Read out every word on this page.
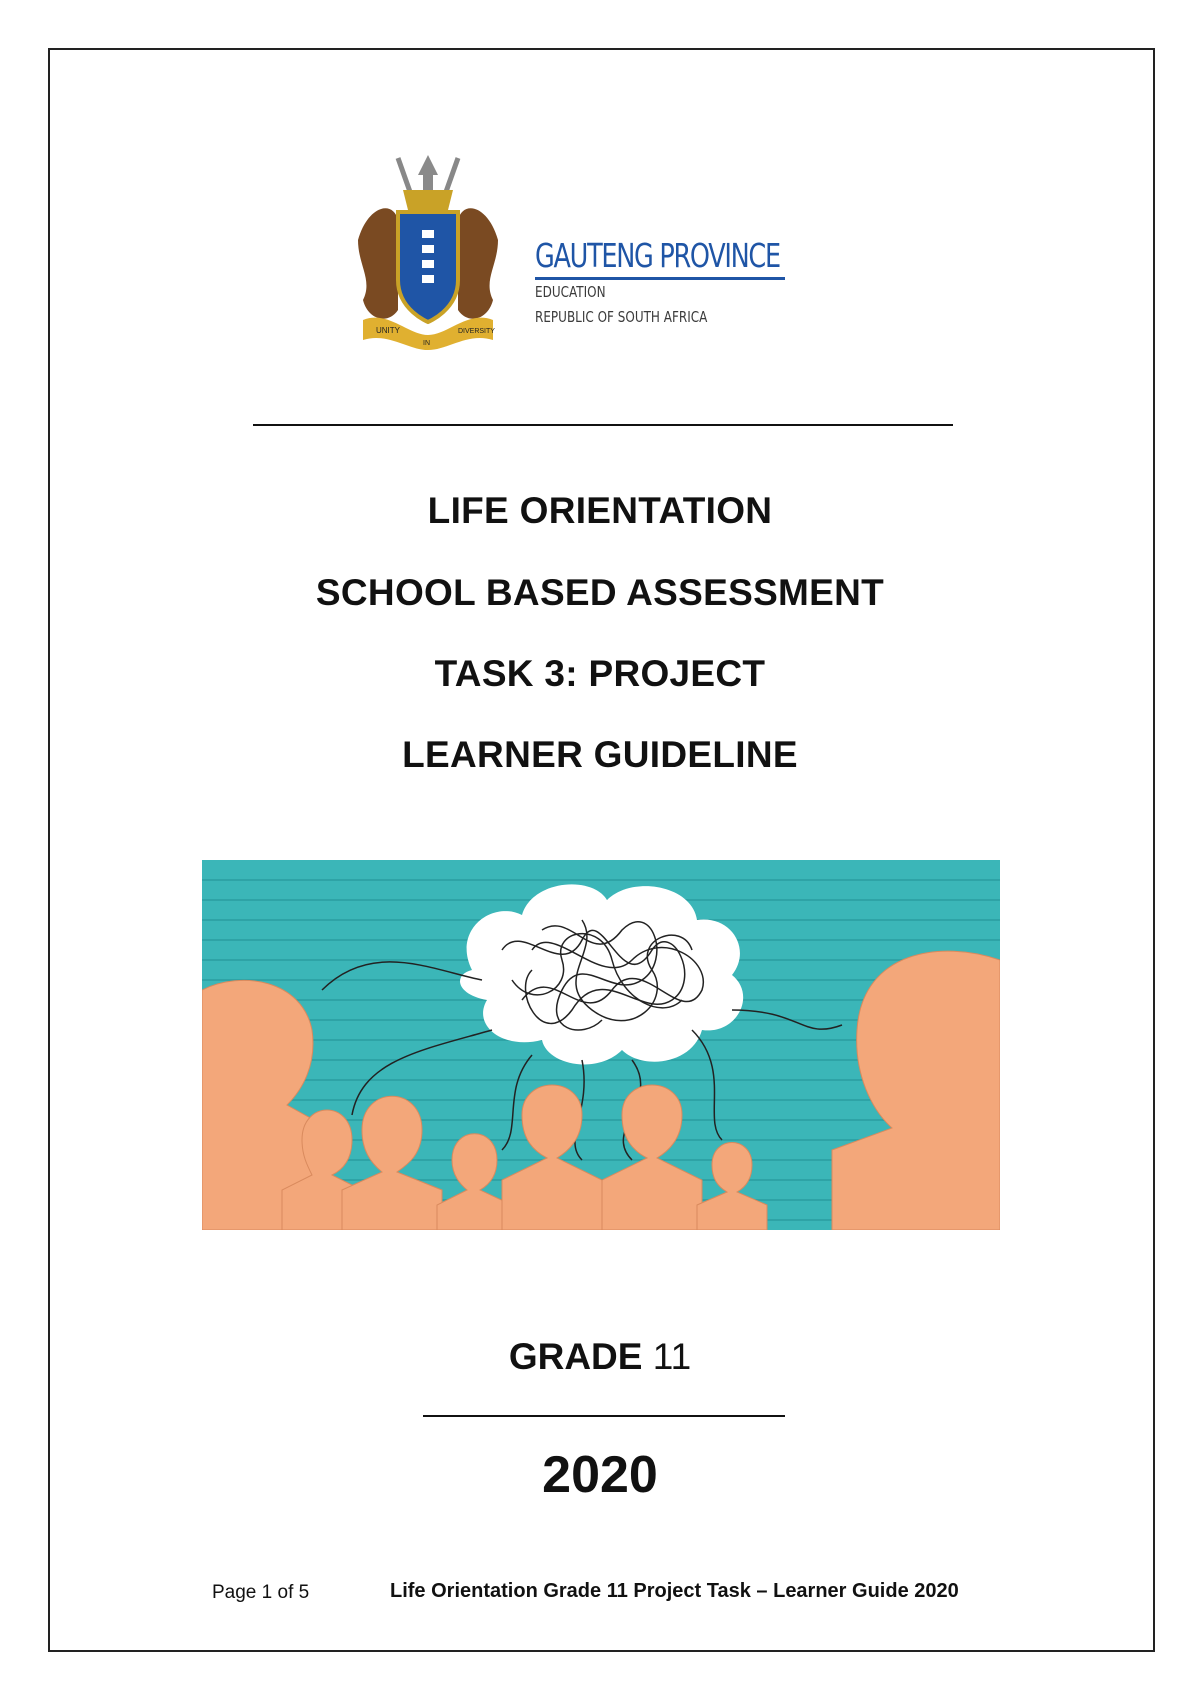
UNITY
IN
DIVERSITY
GAUTENG PROVINCE
EDUCATION
REPUBLIC OF SOUTH AFRICA
LIFE ORIENTATION
SCHOOL BASED ASSESSMENT
TASK 3: PROJECT
LEARNER GUIDELINE
GRADE 11
2020
Page 1 of 5	Life Orientation Grade 11 Project Task – Learner Guide 2020
